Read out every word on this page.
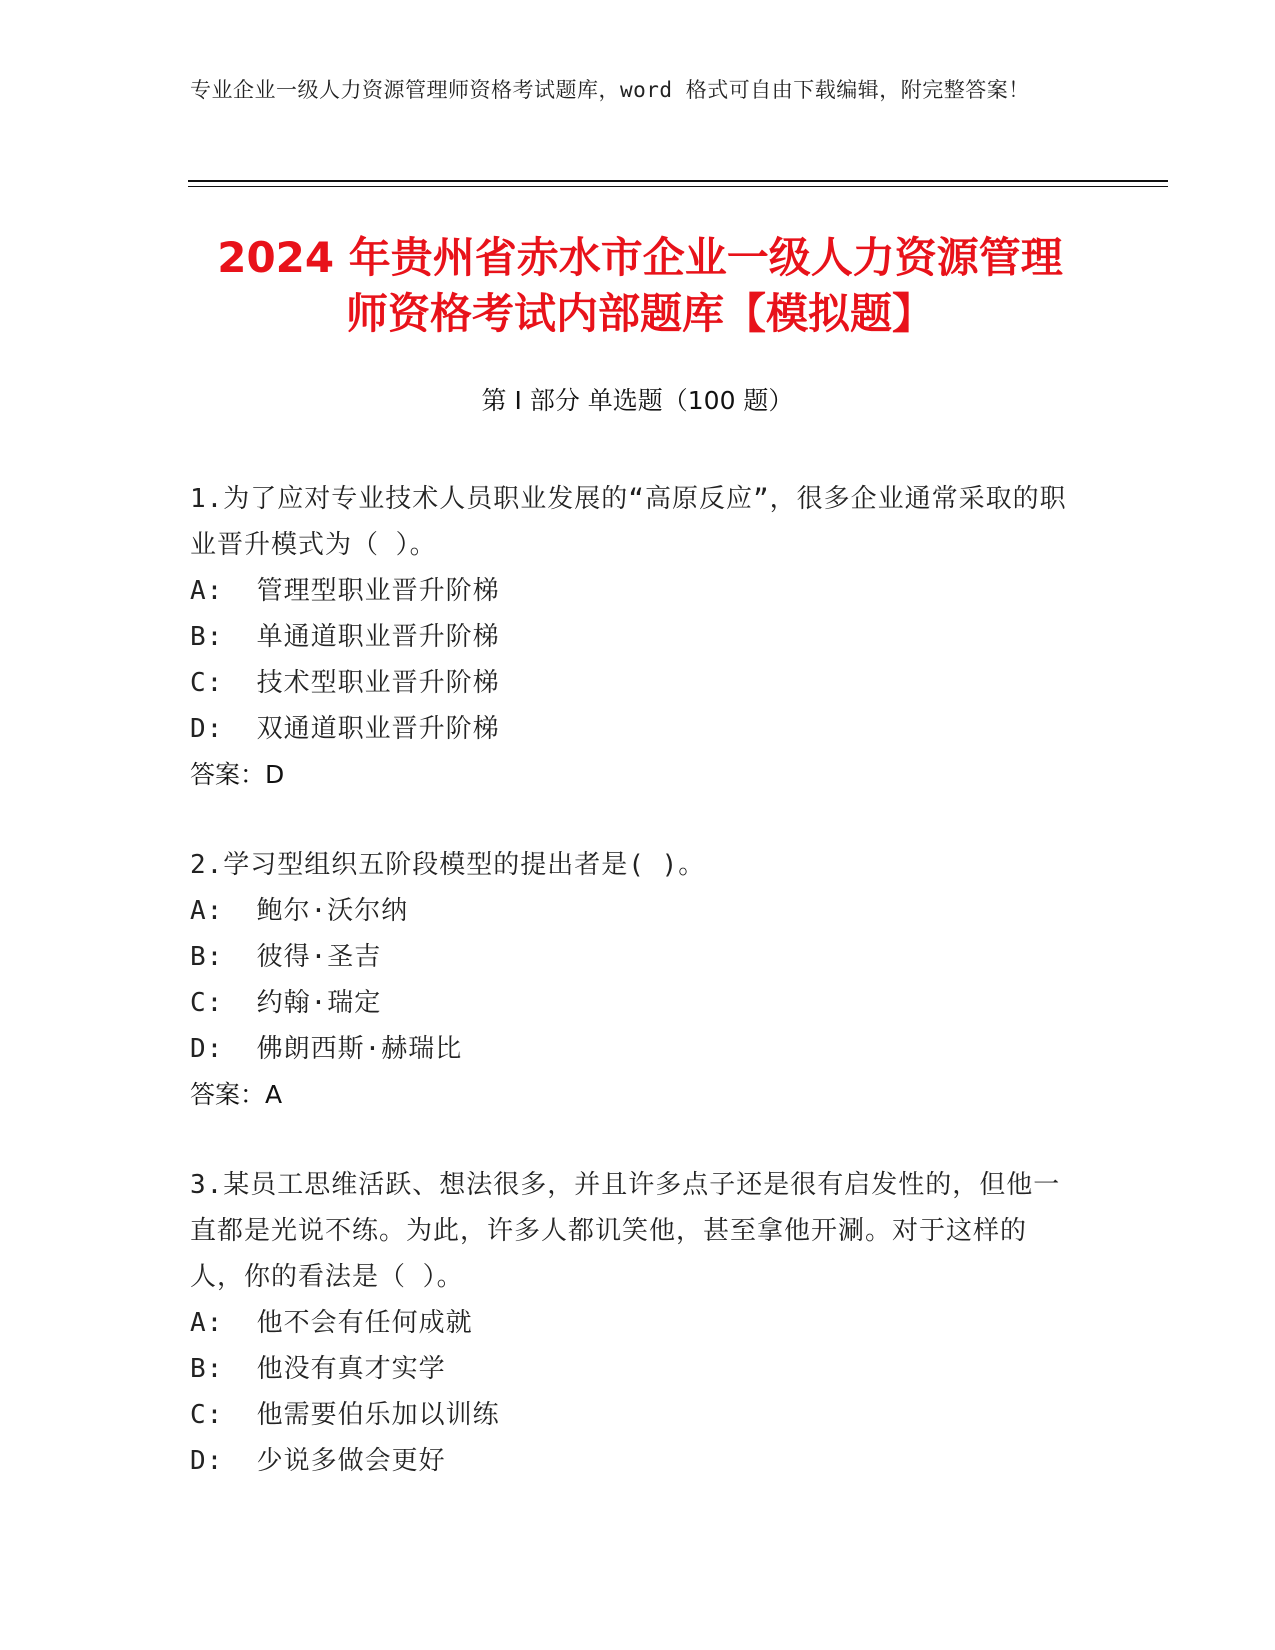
专业企业一级人力资源管理师资格考试题库，word 格式可自由下载编辑，附完整答案！
2024 年贵州省赤水市企业一级人力资源管理
师资格考试内部题库【模拟题】
第 I 部分 单选题（100 题）
1.为了应对专业技术人员职业发展的“高原反应”，很多企业通常采取的职业晋升模式为（ ）。
A:  管理型职业晋升阶梯
B:  单通道职业晋升阶梯
C:  技术型职业晋升阶梯
D:  双通道职业晋升阶梯
答案：D
2.学习型组织五阶段模型的提出者是( )。
A:  鲍尔·沃尔纳
B:  彼得·圣吉
C:  约翰·瑞定
D:  佛朗西斯·赫瑞比
答案：A
3.某员工思维活跃、想法很多，并且许多点子还是很有启发性的，但他一直都是光说不练。为此，许多人都讥笑他，甚至拿他开涮。对于这样的人，你的看法是（ ）。
A:  他不会有任何成就
B:  他没有真才实学
C:  他需要伯乐加以训练
D:  少说多做会更好
